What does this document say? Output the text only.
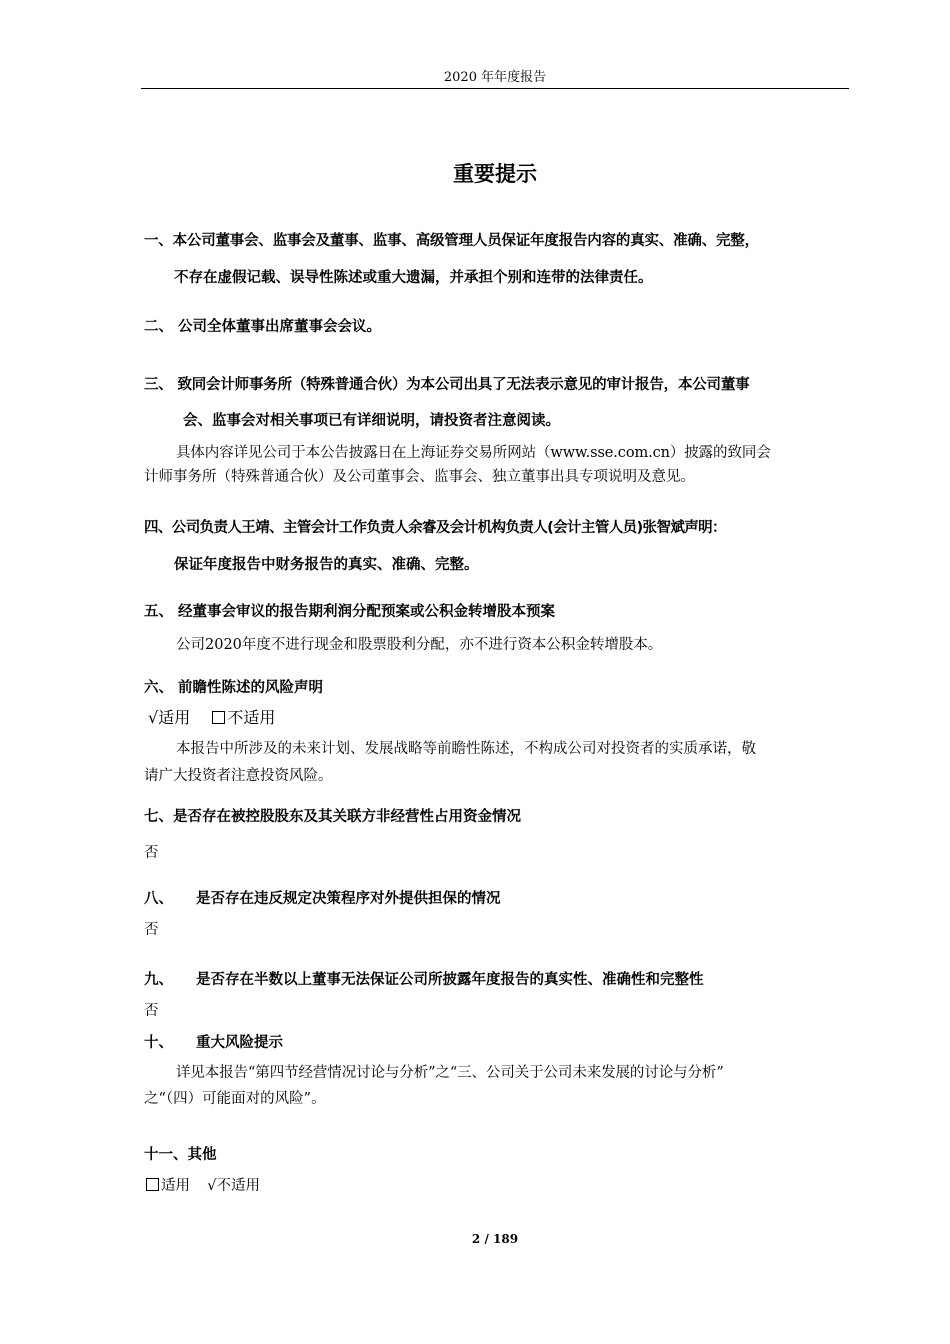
2020 年年度报告
重要提示
一、本公司董事会、监事会及董事、监事、高级管理人员保证年度报告内容的真实、准确、完整，
不存在虚假记载、误导性陈述或重大遗漏，并承担个别和连带的法律责任。
二、 公司全体董事出席董事会会议。
三、 致同会计师事务所（特殊普通合伙）为本公司出具了无法表示意见的审计报告，本公司董事
会、监事会对相关事项已有详细说明，请投资者注意阅读。
具体内容详见公司于本公告披露日在上海证券交易所网站（www.sse.com.cn）披露的致同会
计师事务所（特殊普通合伙）及公司董事会、监事会、独立董事出具专项说明及意见。
四、公司负责人王靖、主管会计工作负责人余睿及会计机构负责人(会计主管人员)张智斌声明：
保证年度报告中财务报告的真实、准确、完整。
五、 经董事会审议的报告期利润分配预案或公积金转增股本预案
公司2020年度不进行现金和股票股利分配，亦不进行资本公积金转增股本。
六、 前瞻性陈述的风险声明
√适用 不适用
本报告中所涉及的未来计划、发展战略等前瞻性陈述，不构成公司对投资者的实质承诺，敬
请广大投资者注意投资风险。
七、是否存在被控股股东及其关联方非经营性占用资金情况
否
八、 是否存在违反规定决策程序对外提供担保的情况
否
九、 是否存在半数以上董事无法保证公司所披露年度报告的真实性、准确性和完整性
否
十、 重大风险提示
详见本报告“第四节经营情况讨论与分析”之“三、公司关于公司未来发展的讨论与分析”
之“（四）可能面对的风险”。
十一、其他
适用 √不适用
2 / 189
